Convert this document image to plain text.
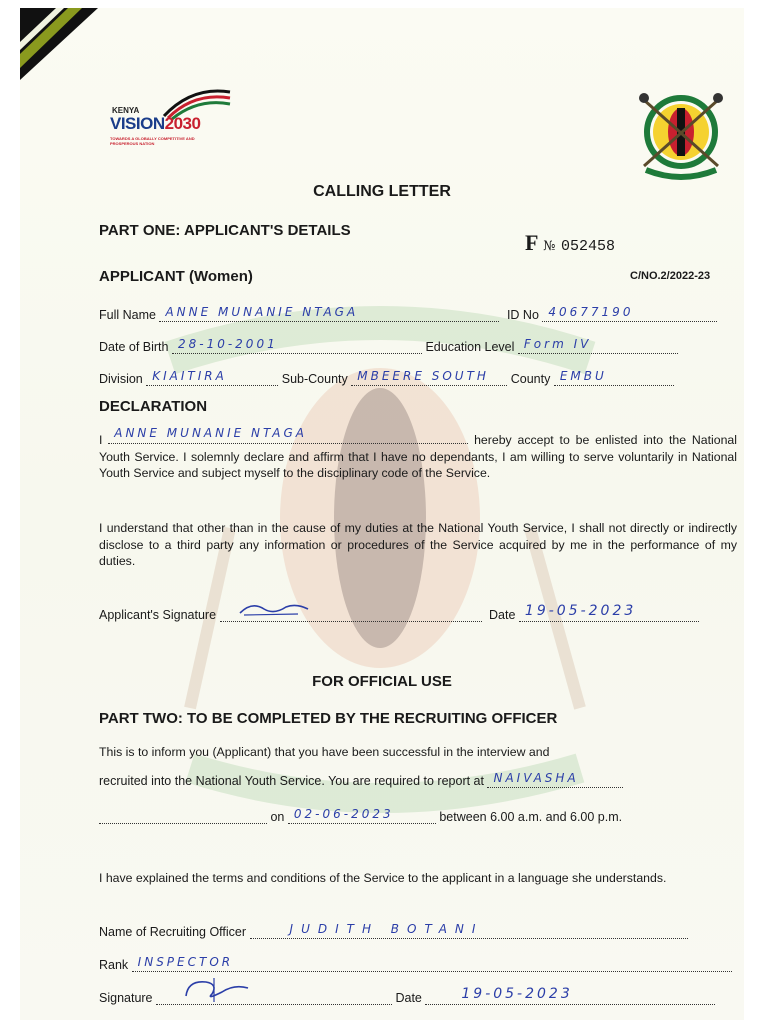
KENYA
VISION2030
TOWARDS A GLOBALLY COMPETITIVE AND PROSPEROUS NATION
CALLING LETTER
PART ONE: APPLICANT'S DETAILS	F № 052458
APPLICANT (Women)	C/NO.2/2022-23
Full Name ANNE MUNANIE NTAGA	ID No 40677190
Date of Birth 28-10-2001	Education Level Form IV
Division KIAITIRA	Sub-County MBEERE SOUTH County EMBU
DECLARATION
I
ANNE MUNANIE NTAGA
hereby accept to be enlisted into the National Youth Service. I solemnly declare and affirm that I have no dependants, I am willing to serve voluntarily in National Youth Service and subject myself to the disciplinary code of the Service.
I understand that other than in the cause of my duties at the National Youth Service, I shall not directly or indirectly disclose to a third party any information or procedures of the Service acquired by me in the performance of my duties.
Applicant's Signature	Date 19-05-2023
FOR OFFICIAL USE
PART TWO: TO BE COMPLETED BY THE RECRUITING OFFICER
This is to inform you (Applicant) that you have been successful in the interview and
recruited into the National Youth Service. You are required to report at NAIVASHA
on 02-06-2023	between 6.00 a.m. and 6.00 p.m.
I have explained the terms and conditions of the Service to the applicant in a language she understands.
Name of Recruiting Officer	JUDITH BOTANI
Rank INSPECTOR
Signature	Date	19-05-2023
